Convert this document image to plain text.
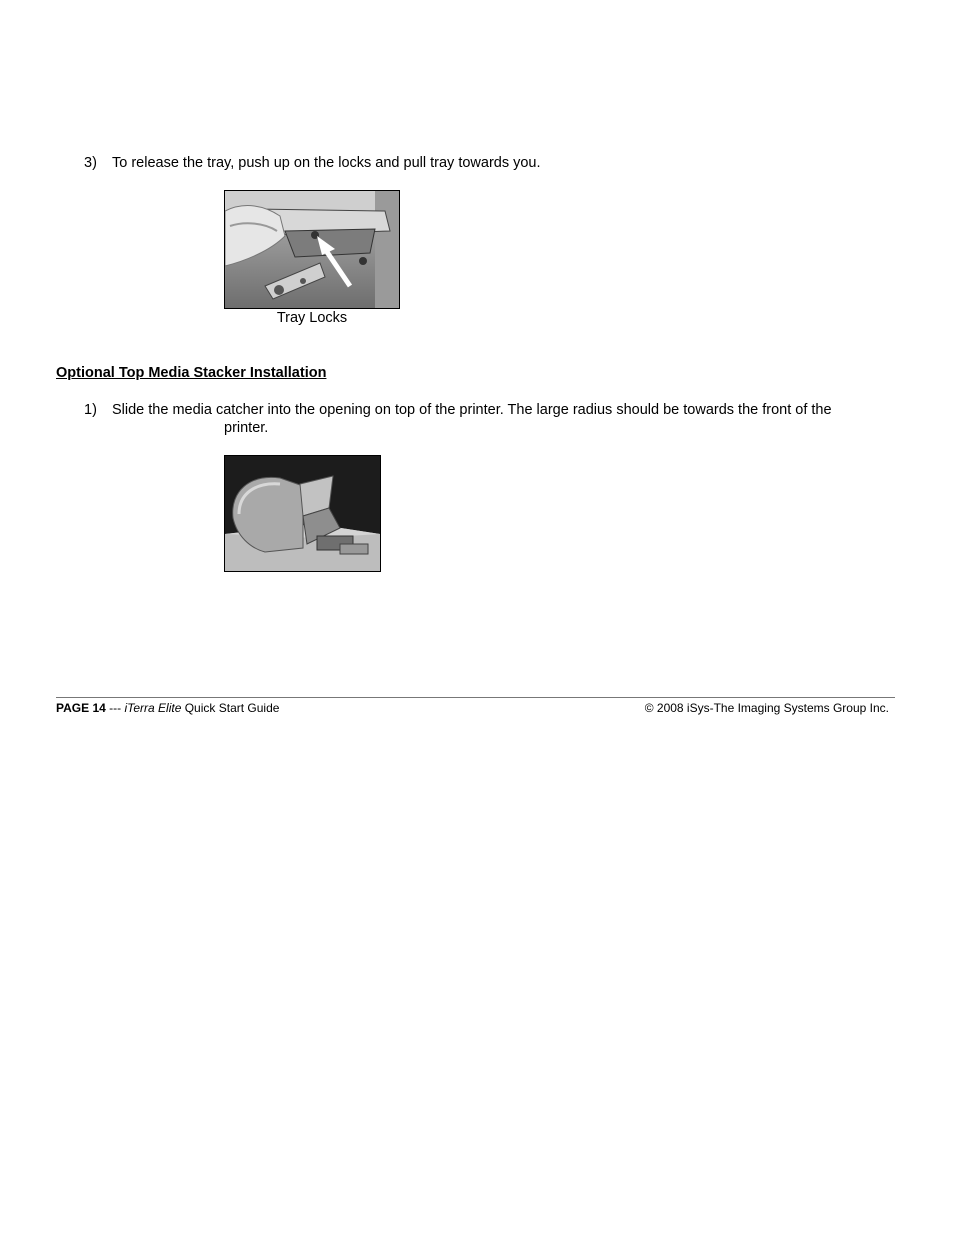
3) To release the tray, push up on the locks and pull tray towards you.
Tray Locks
Optional Top Media Stacker Installation
1) Slide the media catcher into the opening on top of the printer. The large radius should be towards the front of the
printer.
PAGE 14 --- iTerra Elite Quick Start Guide	© 2008 iSys-The Imaging Systems Group Inc.
